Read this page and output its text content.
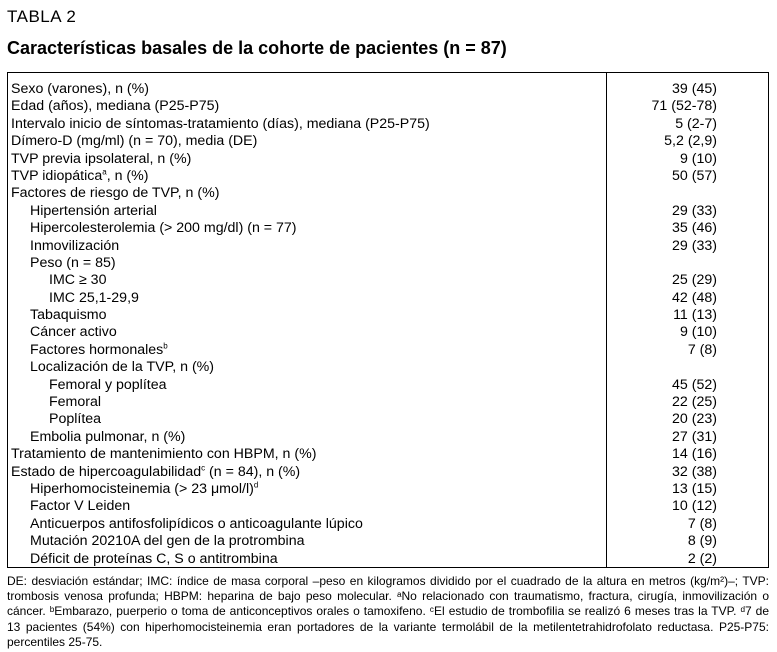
TABLA 2
Características basales de la cohorte de pacientes (n = 87)
Sexo (varones), n (%)	39 (45)
Edad (años), mediana (P25-P75)	71 (52-78)
Intervalo inicio de síntomas-tratamiento (días), mediana (P25-P75)	5 (2-7)
Dímero-D (mg/ml) (n = 70), media (DE)	5,2 (2,9)
TVP previa ipsolateral, n (%)	9 (10)
TVP idiopática$^a$, n (%)	50 (57)
Factores de riesgo de TVP, n (%)
Hipertensión arterial	29 (33)
Hipercolesterolemia (> 200 mg/dl) (n = 77)	35 (46)
Inmovilización	29 (33)
Peso (n = 85)
IMC ≥ 30	25 (29)
IMC 25,1-29,9	42 (48)
Tabaquismo	11 (13)
Cáncer activo	9 (10)
Factores hormonales$^b$	7 (8)
Localización de la TVP, n (%)
Femoral y poplítea	45 (52)
Femoral	22 (25)
Poplítea	20 (23)
Embolia pulmonar, n (%)	27 (31)
Tratamiento de mantenimiento con HBPM, n (%)	14 (16)
Estado de hipercoagulabilidad$^c$ (n = 84), n (%)	32 (38)
Hiperhomocisteinemia (> 23 μmol/l)$^d$	13 (15)
Factor V Leiden	10 (12)
Anticuerpos antifosfolipídicos o anticoagulante lúpico	7 (8)
Mutación 20210A del gen de la protrombina	8 (9)
Déficit de proteínas C, S o antitrombina	2 (2)
DE: desviación estándar; IMC: índice de masa corporal –peso en kilogramos dividido por el cuadrado de la altura en metros (kg/m²)–; TVP: trombosis venosa profunda; HBPM: heparina de bajo peso molecular. ᵃNo relacionado con traumatismo, fractura, cirugía, inmovilización o cáncer. ᵇEmbarazo, puerperio o toma de anticonceptivos orales o tamoxifeno. ᶜEl estudio de trombofilia se realizó 6 meses tras la TVP. ᵈ7 de 13 pacientes (54%) con hiperhomocisteinemia eran portadores de la variante termolábil de la metilentetrahidrofolato reductasa. P25-P75: percentiles 25-75.
